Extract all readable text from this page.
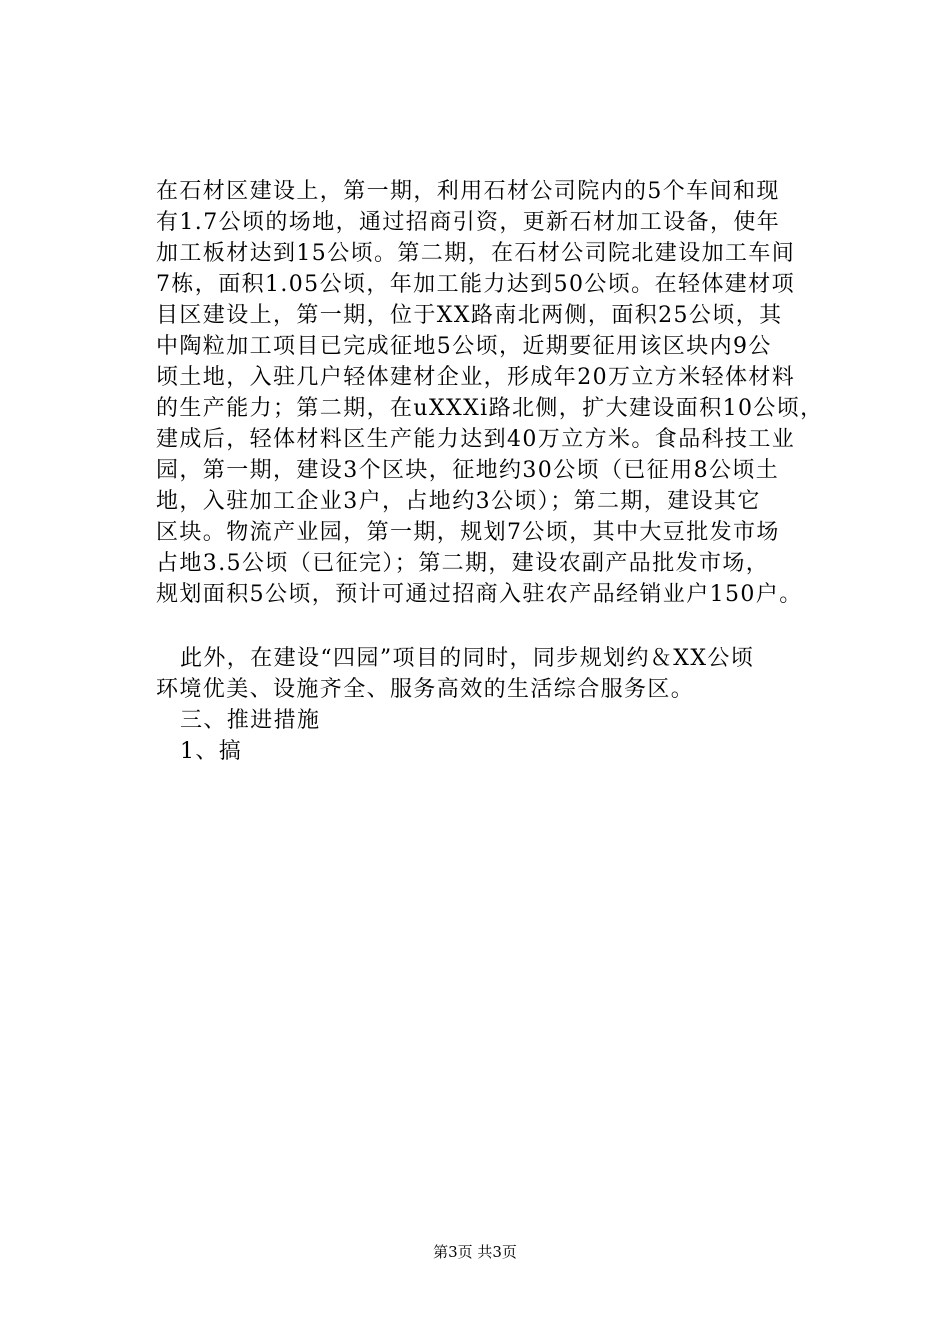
在石材区建设上，第一期，利用石材公司院内的5个车间和现
有1.7公顷的场地，通过招商引资，更新石材加工设备，使年
加工板材达到15公顷。第二期，在石材公司院北建设加工车间
7栋，面积1.05公顷，年加工能力达到50公顷。在轻体建材项
目区建设上，第一期，位于XX路南北两侧，面积25公顷，其
中陶粒加工项目已完成征地5公顷，近期要征用该区块内9公
顷土地，入驻几户轻体建材企业，形成年20万立方米轻体材料
的生产能力；第二期，在uXXXi路北侧，扩大建设面积10公顷，
建成后，轻体材料区生产能力达到40万立方米。食品科技工业
园，第一期，建设3个区块，征地约30公顷（已征用8公顷土
地，入驻加工企业3户，占地约3公顷）；第二期，建设其它
区块。物流产业园，第一期，规划7公顷，其中大豆批发市场
占地3.5公顷（已征完）；第二期，建设农副产品批发市场，
规划面积5公顷，预计可通过招商入驻农产品经销业户150户。
此外，在建设“四园”项目的同时，同步规划约＆XX公顷
环境优美、设施齐全、服务高效的生活综合服务区。
三、推进措施
1、搞
第3页 共3页
